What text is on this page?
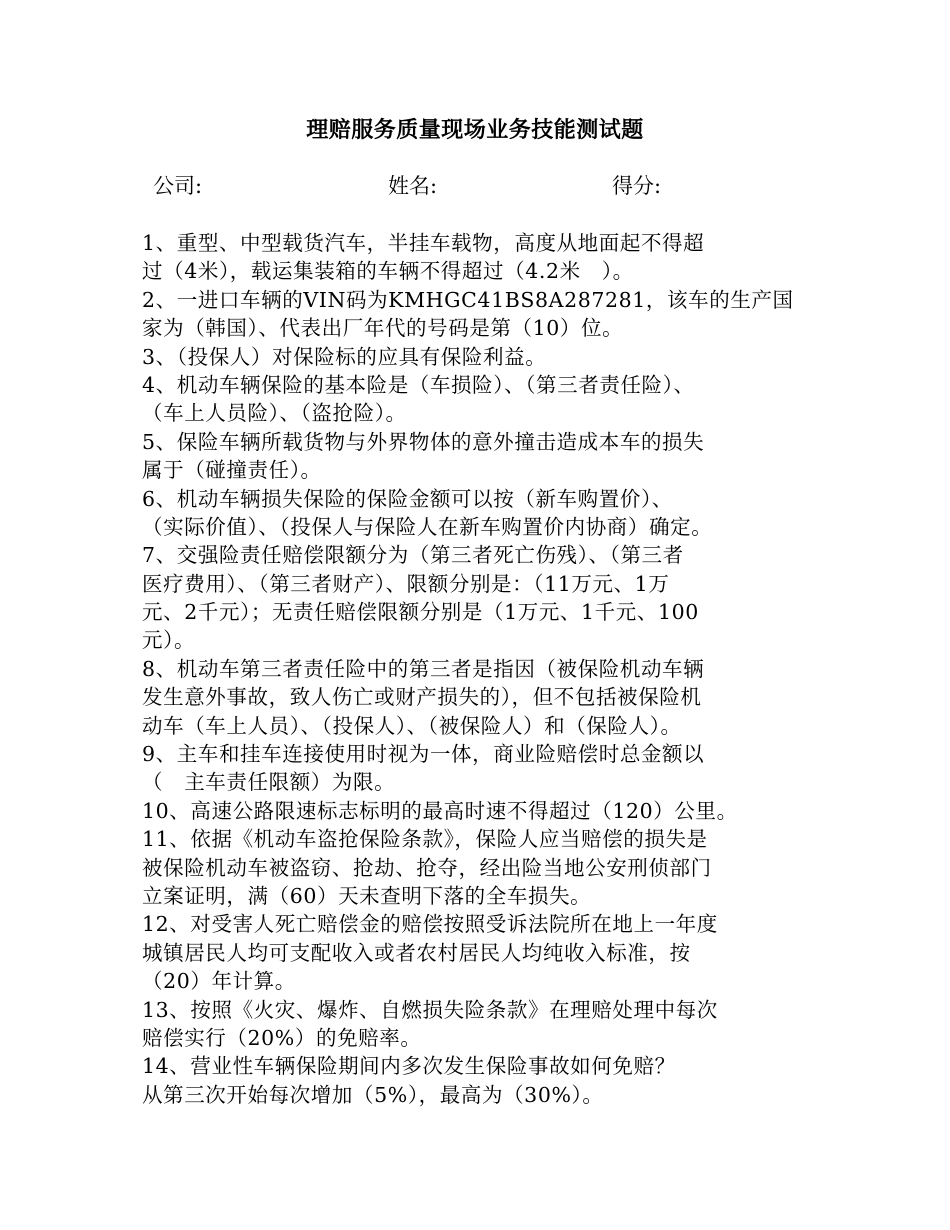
理赔服务质量现场业务技能测试题
公司:	姓名:	得分:
1、重型、中型载货汽车，半挂车载物，高度从地面起不得超
过（4米），载运集装箱的车辆不得超过（4.2米　）。
2、一进口车辆的VIN码为KMHGC41BS8A287281，该车的生产国
家为（韩国）、代表出厂年代的号码是第（10）位。
3、（投保人）对保险标的应具有保险利益。
4、机动车辆保险的基本险是（车损险）、（第三者责任险）、
（车上人员险）、（盗抢险）。
5、保险车辆所载货物与外界物体的意外撞击造成本车的损失
属于（碰撞责任）。
6、机动车辆损失保险的保险金额可以按（新车购置价）、
（实际价值）、（投保人与保险人在新车购置价内协商）确定。
7、交强险责任赔偿限额分为（第三者死亡伤残）、（第三者
医疗费用）、（第三者财产）、限额分别是：（11万元、1万
元、2千元）；无责任赔偿限额分别是（1万元、1千元、100
元）。
8、机动车第三者责任险中的第三者是指因（被保险机动车辆
发生意外事故，致人伤亡或财产损失的），但不包括被保险机
动车（车上人员）、（投保人）、（被保险人）和（保险人）。
9、主车和挂车连接使用时视为一体，商业险赔偿时总金额以
（　主车责任限额）为限。
10、高速公路限速标志标明的最高时速不得超过（120）公里。
11、依据《机动车盗抢保险条款》，保险人应当赔偿的损失是
被保险机动车被盗窃、抢劫、抢夺，经出险当地公安刑侦部门
立案证明，满（60）天未查明下落的全车损失。
12、对受害人死亡赔偿金的赔偿按照受诉法院所在地上一年度
城镇居民人均可支配收入或者农村居民人均纯收入标准，按
（20）年计算。
13、按照《火灾、爆炸、自燃损失险条款》在理赔处理中每次
赔偿实行（20%）的免赔率。
14、营业性车辆保险期间内多次发生保险事故如何免赔？
从第三次开始每次增加（5%），最高为（30%）。
